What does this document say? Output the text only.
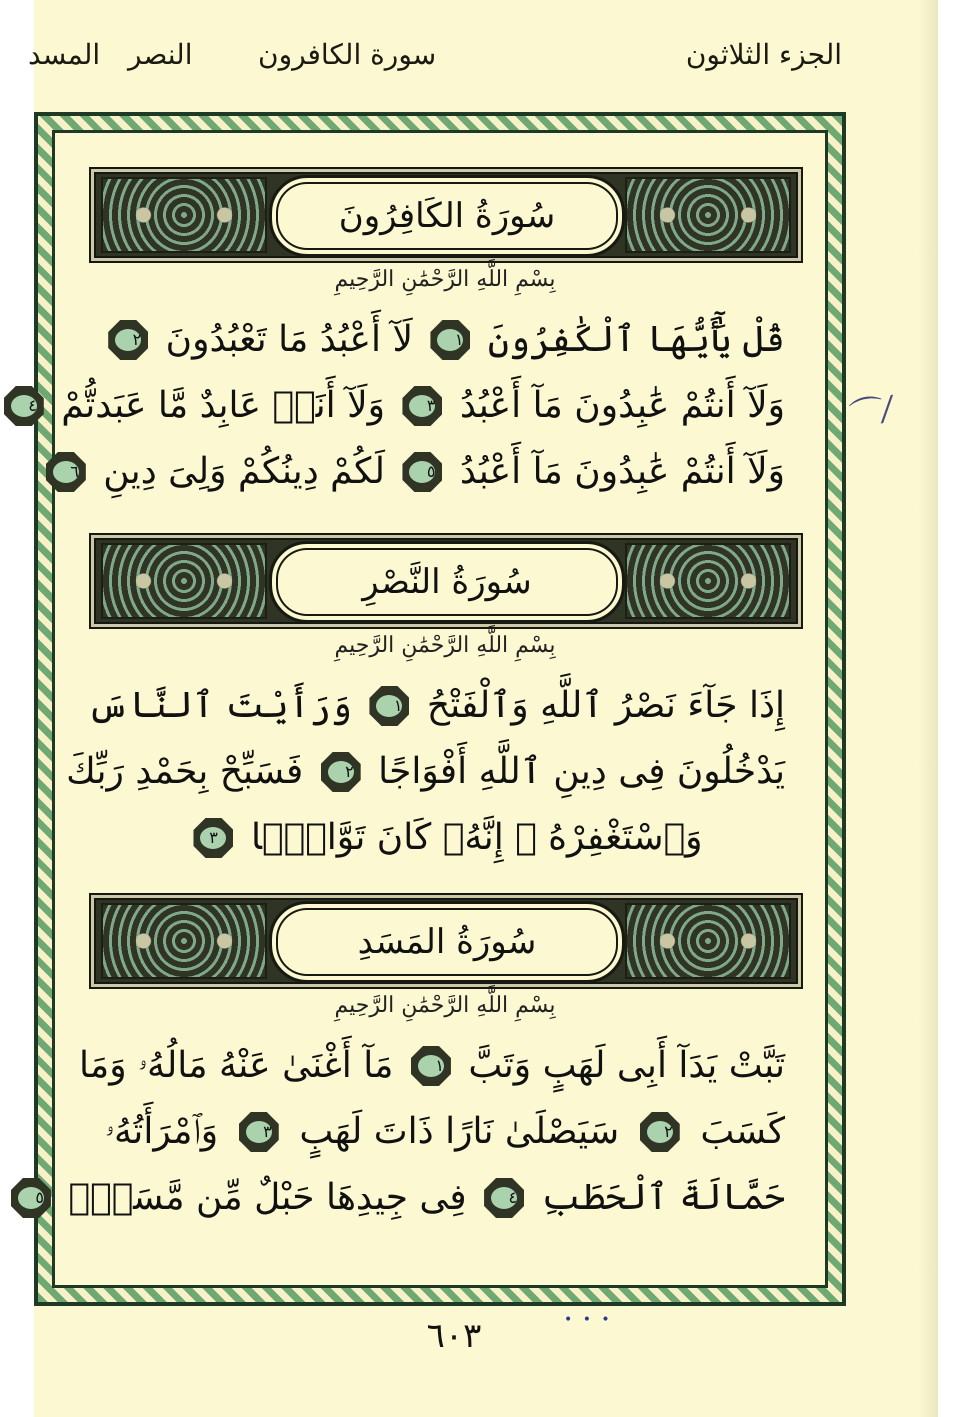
الجزء الثلاثون
سورة الكافرون
النصر
المسد
سُورَةُ الكَافِرُونَ
بِسْمِ اللَّهِ الرَّحْمَٰنِ الرَّحِيمِ
قُلْ يَٰٓأَيُّهَا ٱلْكَٰفِرُونَ
١
لَآ أَعْبُدُ مَا تَعْبُدُونَ
٢
وَلَآ أَنتُمْ عَٰبِدُونَ مَآ أَعْبُدُ
٣
وَلَآ أَنَا۠ عَابِدٌ مَّا عَبَدتُّمْ
٤
وَلَآ أَنتُمْ عَٰبِدُونَ مَآ أَعْبُدُ
٥
لَكُمْ دِينُكُمْ وَلِىَ دِينِ
٦
سُورَةُ النَّصْرِ
بِسْمِ اللَّهِ الرَّحْمَٰنِ الرَّحِيمِ
إِذَا جَآءَ نَصْرُ ٱللَّهِ وَٱلْفَتْحُ
١
وَرَأَيْتَ ٱلنَّاسَ
يَدْخُلُونَ فِى دِينِ ٱللَّهِ أَفْوَاجًا
٢
فَسَبِّحْ بِحَمْدِ رَبِّكَ
وَٱسْتَغْفِرْهُ ۚ إِنَّهُۥ كَانَ تَوَّابًۢا
٣
سُورَةُ المَسَدِ
بِسْمِ اللَّهِ الرَّحْمَٰنِ الرَّحِيمِ
تَبَّتْ يَدَآ أَبِى لَهَبٍ وَتَبَّ
١
مَآ أَغْنَىٰ عَنْهُ مَالُهُۥ وَمَا
كَسَبَ
٢
سَيَصْلَىٰ نَارًا ذَاتَ لَهَبٍ
٣
وَٱمْرَأَتُهُۥ
حَمَّالَةَ ٱلْحَطَبِ
٤
فِى جِيدِهَا حَبْلٌ مِّن مَّسَدٍۭ
٥
٦٠٣	• • •
⌒⁄
